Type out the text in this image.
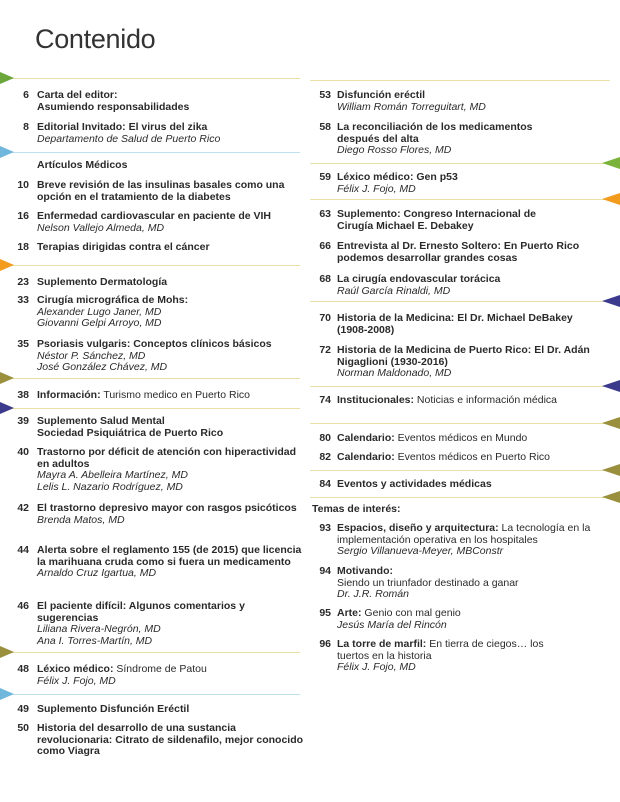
Contenido
6 Carta del editor:
Asumiendo responsabilidades
8 Editorial Invitado: El virus del zika
Departamento de Salud de Puerto Rico
Artículos Médicos
10 Breve revisión de las insulinas basales como una opción en el tratamiento de la diabetes
16 Enfermedad cardiovascular en paciente de VIH
Nelson Vallejo Almeda, MD
18 Terapias dirigidas contra el cáncer
23 Suplemento Dermatología
33 Cirugía micrográfica de Mohs:
Alexander Lugo Janer, MD
Giovanni Gelpi Arroyo, MD
35 Psoriasis vulgaris: Conceptos clínicos básicos
Néstor P. Sánchez, MD
José González Chávez, MD
38 Información: Turismo medico en Puerto Rico
39 Suplemento Salud Mental
Sociedad Psiquiátrica de Puerto Rico
40 Trastorno por déficit de atención con hiperactividad en adultos
Mayra A. Abelleira Martínez, MD
Lelis L. Nazario Rodríguez, MD
42 El trastorno depresivo mayor con rasgos psicóticos
Brenda Matos, MD
44 Alerta sobre el reglamento 155 (de 2015) que licencia la marihuana cruda como si fuera un medicamento
Arnaldo Cruz Igartua, MD
46 El paciente difícil: Algunos comentarios y sugerencias
Liliana Rivera-Negrón, MD
Ana I. Torres-Martín, MD
48 Léxico médico: Síndrome de Patou
Félix J. Fojo, MD
49 Suplemento Disfunción Eréctil
50 Historia del desarrollo de una sustancia revolucionaria: Citrato de sildenafilo, mejor conocido como Viagra
53 Disfunción eréctil
William Román Torreguitart, MD
58 La reconciliación de los medicamentos después del alta
Diego Rosso Flores, MD
59 Léxico médico: Gen p53
Félix J. Fojo, MD
63 Suplemento: Congreso Internacional de Cirugía Michael E. Debakey
66 Entrevista al Dr. Ernesto Soltero: En Puerto Rico podemos desarrollar grandes cosas
68 La cirugía endovascular torácica
Raúl García Rinaldi, MD
70 Historia de la Medicina: El Dr. Michael DeBakey (1908-2008)
72 Historia de la Medicina de Puerto Rico: El Dr. Adán Nigaglioni (1930-2016)
Norman Maldonado, MD
74 Institucionales: Noticias e información médica
80 Calendario: Eventos médicos en Mundo
82 Calendario: Eventos médicos en Puerto Rico
84 Eventos y actividades médicas
Temas de interés:
93 Espacios, diseño y arquitectura: La tecnología en la implementación operativa en los hospitales
Sergio Villanueva-Meyer, MBConstr
94 Motivando:
Siendo un triunfador destinado a ganar
Dr. J.R. Román
95 Arte: Genio con mal genio
Jesús María del Rincón
96 La torre de marfil: En tierra de ciegos… los tuertos en la historia
Félix J. Fojo, MD
